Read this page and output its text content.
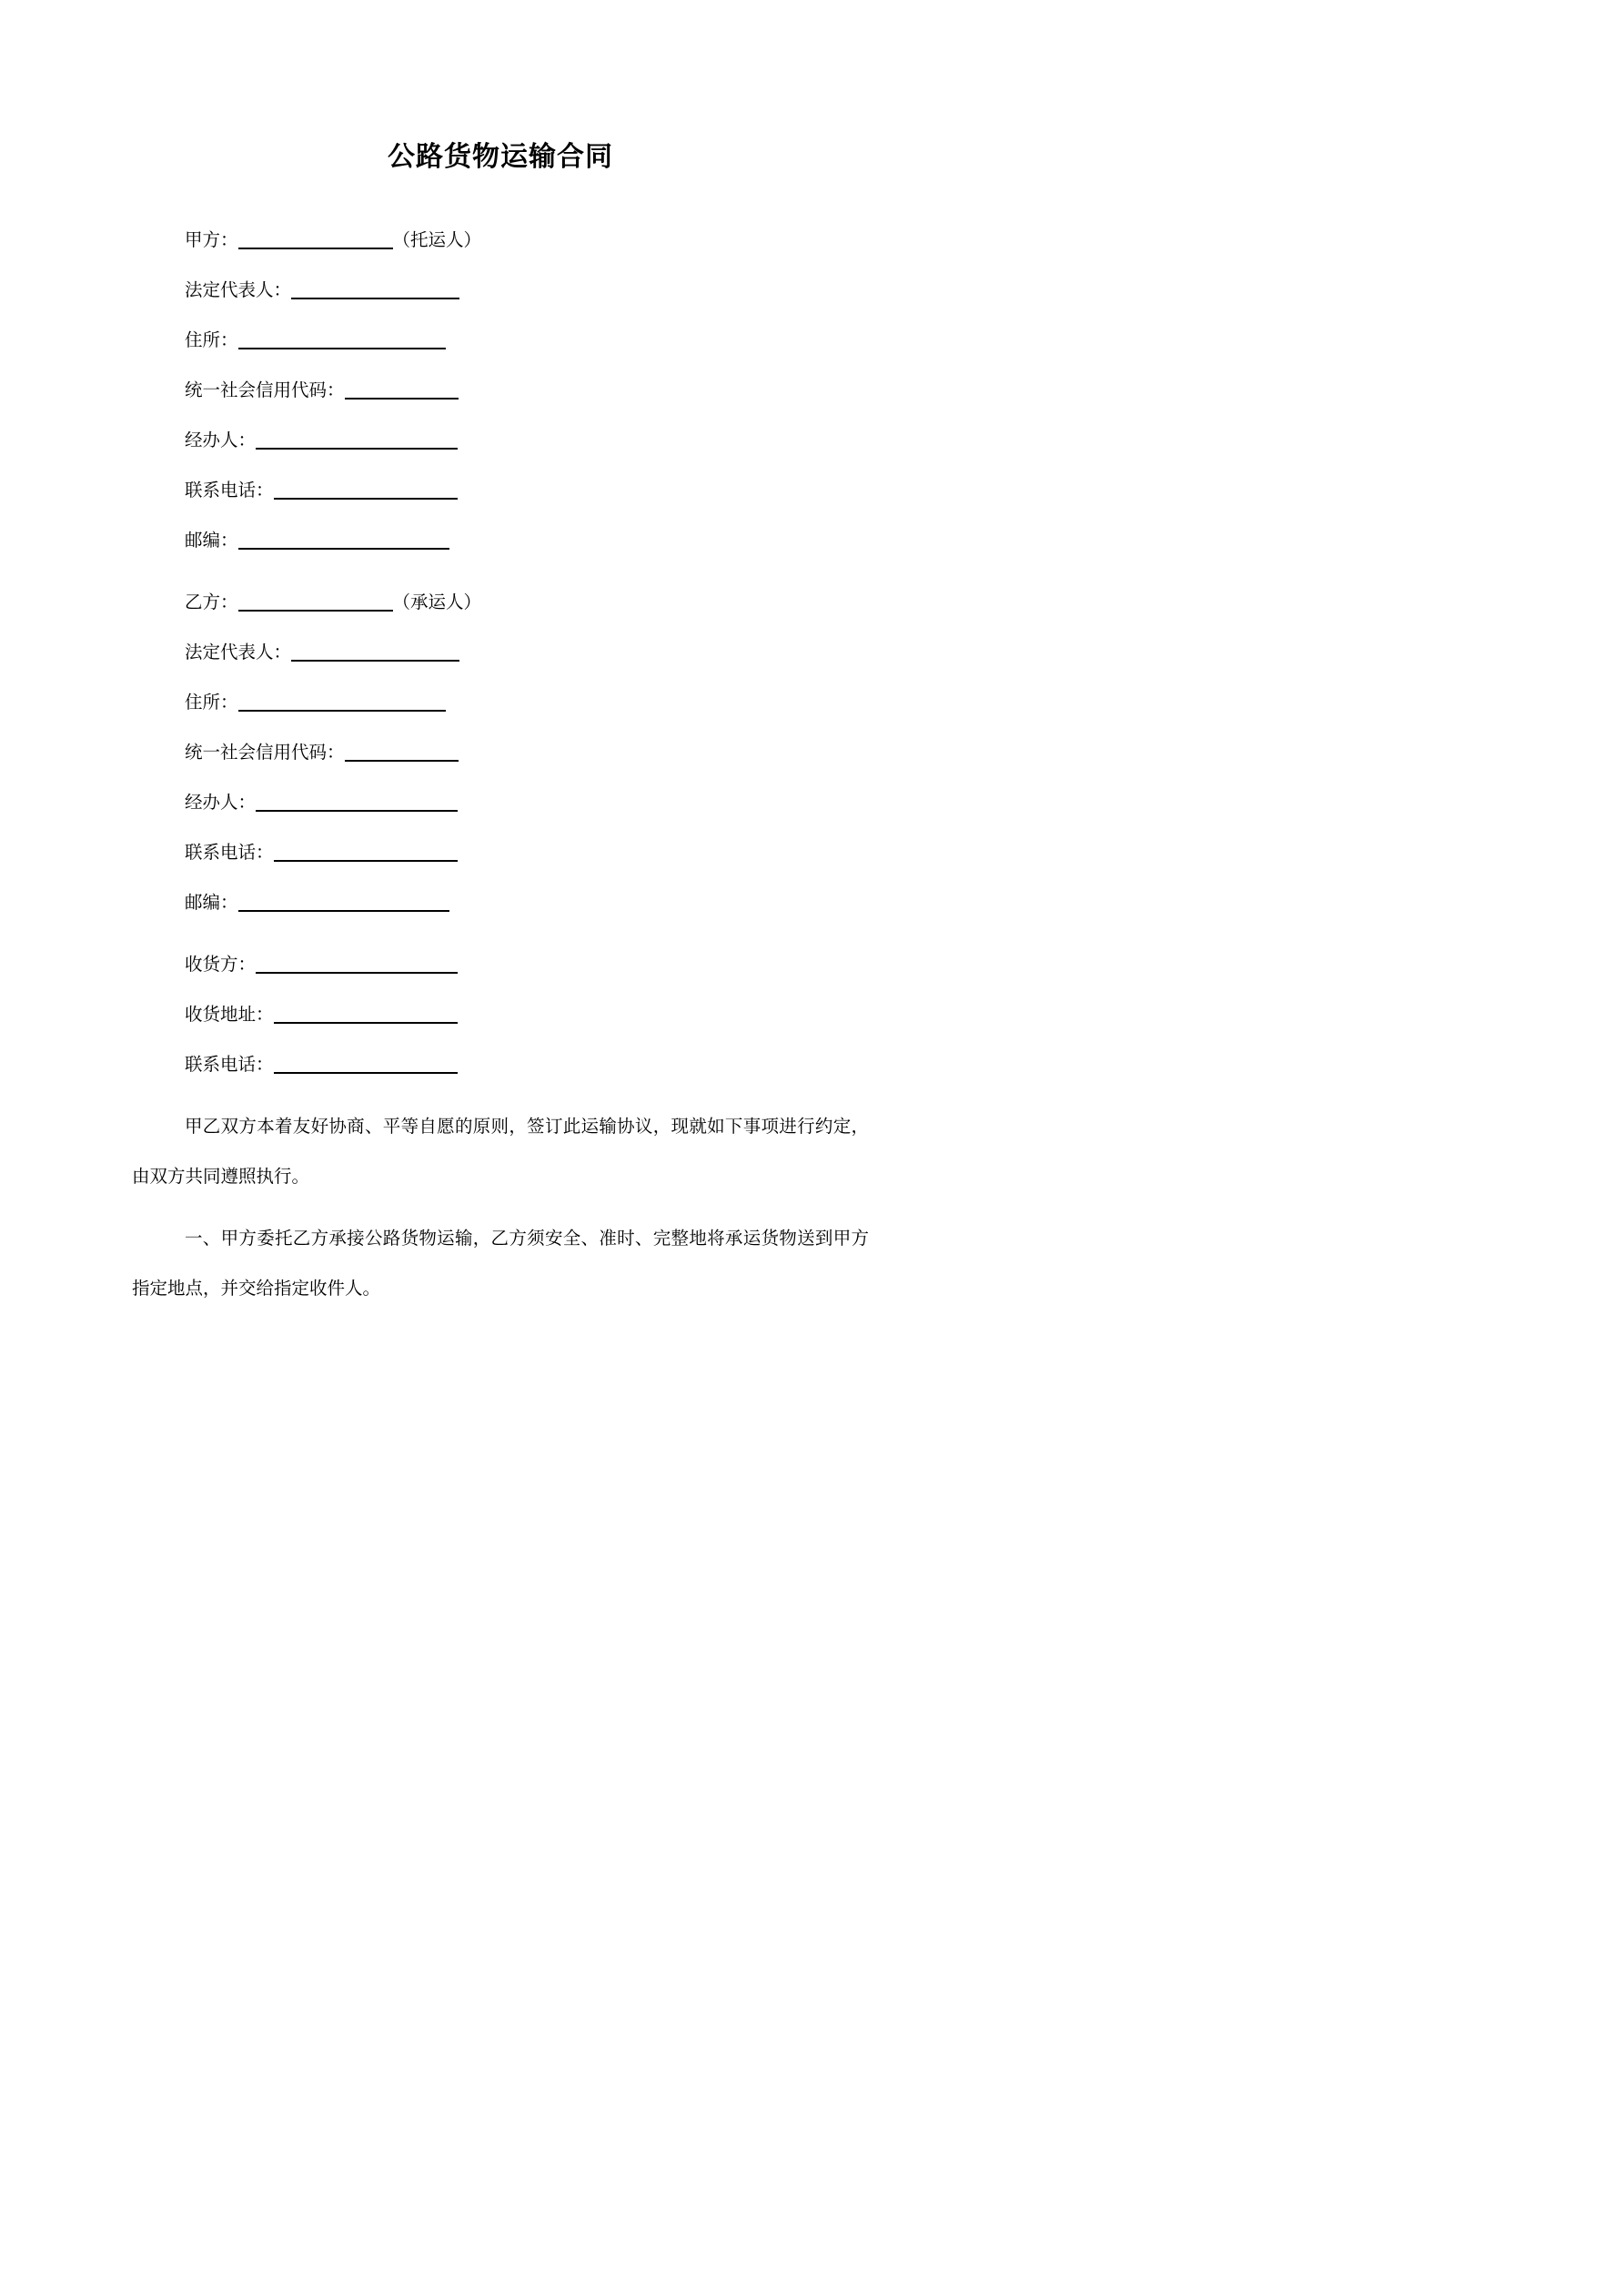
公路货物运输合同
甲方：	（托运人）
法定代表人：
住所：
统一社会信用代码：
经办人：
联系电话：
邮编：
乙方：	（承运人）
法定代表人：
住所：
统一社会信用代码：
经办人：
联系电话：
邮编：
收货方：
收货地址：
联系电话：

甲乙双方本着友好协商、平等自愿的原则，签订此运输协议，现就如下事项进行约定，由双方共同遵照执行。

一、甲方委托乙方承接公路货物运输，乙方须安全、准时、完整地将承运货物送到甲方指定地点，并交给指定收件人。
